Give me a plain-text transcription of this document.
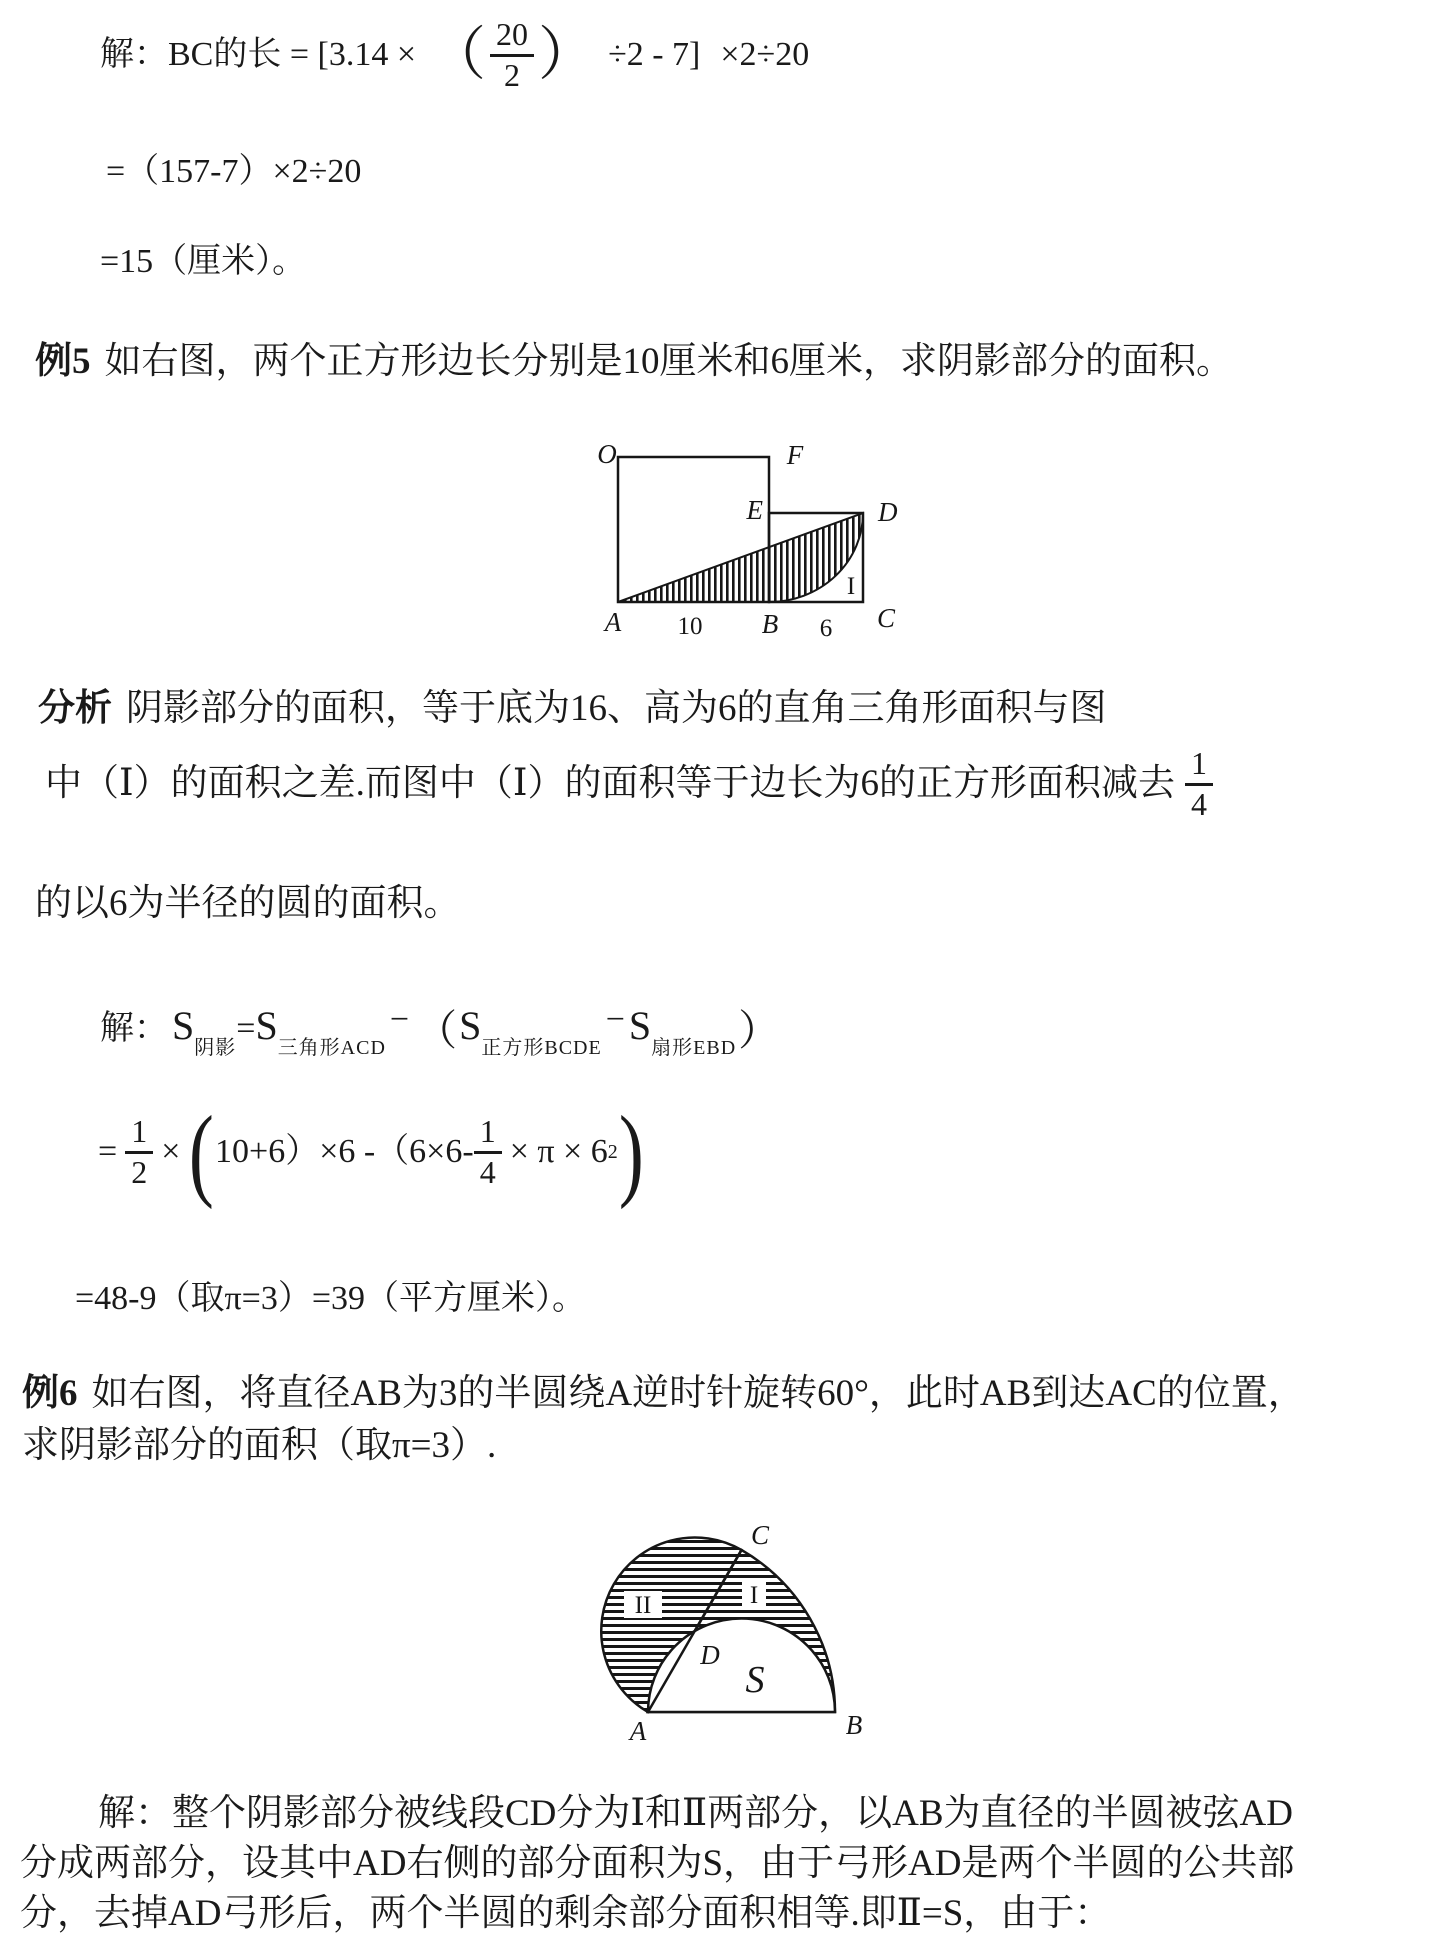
解：BC的长 = [3.14 × （ $\frac{20}{2}$ ） ÷2 - 7] ×2÷20
=（157-7）×2÷20
=15（厘米）。
例5 如右图，两个正方形边长分别是10厘米和6厘米，求阴影部分的面积。
O	F
E	D
A	B	C
10	6
I
分析 阴影部分的面积，等于底为16、高为6的直角三角形面积与图
中（Ⅰ）的面积之差.而图中（Ⅰ）的面积等于边长为6的正方形面积减去 $\frac{1}{4}$
的以6为半径的圆的面积。
解： S阴影=S三角形ACD− （S正方形BCDE− S扇形EBD）
= $\frac{1}{2}$ × ( 10+6）×6 $-(6\times 6- \frac{1}{4} \times \pi \times 6$ 2 )
=48-9（取π=3）=39（平方厘米）。
例6 如右图，将直径AB为3的半圆绕A逆时针旋转60°，此时AB到达AC的位置，
求阴影部分的面积（取π=3）.
II	I
C
D
S
A	B
解：整个阴影部分被线段CD分为Ⅰ和Ⅱ两部分，以AB为直径的半圆被弦AD
分成两部分，设其中AD右侧的部分面积为S，由于弓形AD是两个半圆的公共部
分，去掉AD弓形后，两个半圆的剩余部分面积相等.即Ⅱ=S，由于：
